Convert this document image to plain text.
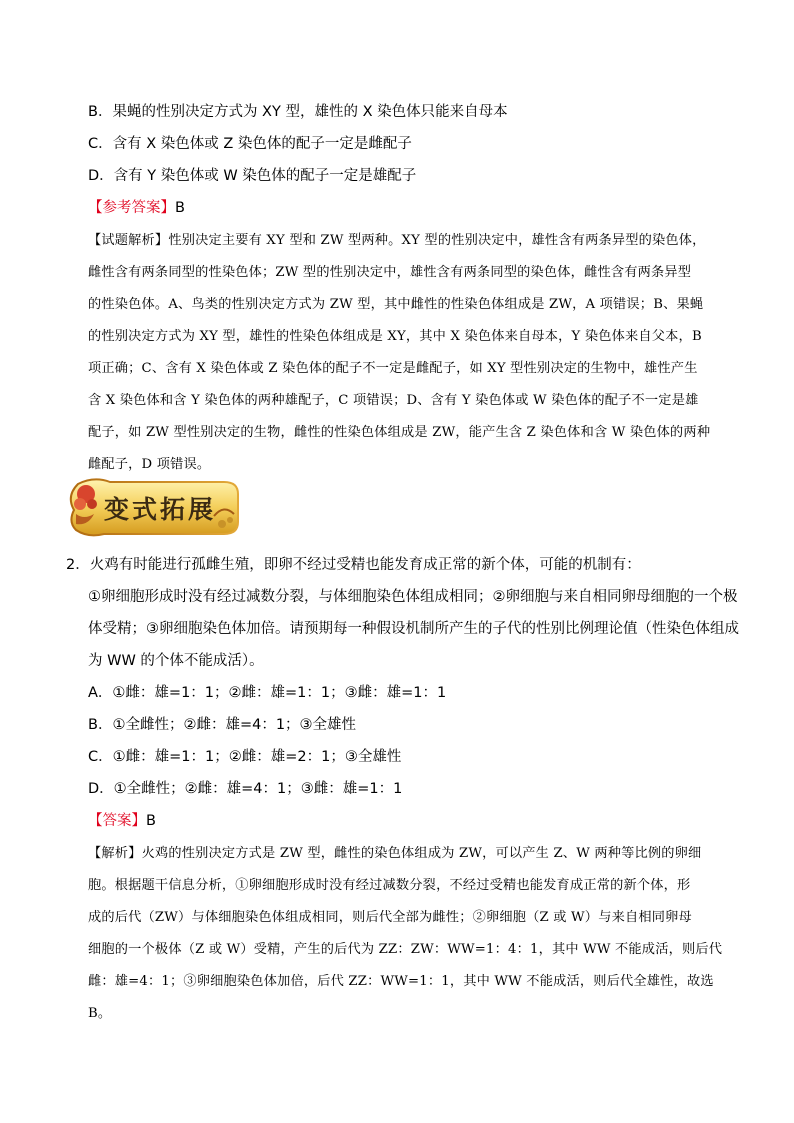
B．果蝇的性别决定方式为 XY 型，雄性的 X 染色体只能来自母本
C．含有 X 染色体或 Z 染色体的配子一定是雌配子
D．含有 Y 染色体或 W 染色体的配子一定是雄配子
【参考答案】B
【试题解析】性别决定主要有 XY 型和 ZW 型两种。XY 型的性别决定中，雄性含有两条异型的染色体，
雌性含有两条同型的性染色体；ZW 型的性别决定中，雄性含有两条同型的染色体，雌性含有两条异型
的性染色体。A、鸟类的性别决定方式为 ZW 型，其中雌性的性染色体组成是 ZW，A 项错误；B、果蝇
的性别决定方式为 XY 型，雄性的性染色体组成是 XY，其中 X 染色体来自母本，Y 染色体来自父本，B
项正确；C、含有 X 染色体或 Z 染色体的配子不一定是雌配子，如 XY 型性别决定的生物中，雄性产生
含 X 染色体和含 Y 染色体的两种雄配子，C 项错误；D、含有 Y 染色体或 W 染色体的配子不一定是雄
配子，如 ZW 型性别决定的生物，雌性的性染色体组成是 ZW，能产生含 Z 染色体和含 W 染色体的两种
雌配子，D 项错误。
变式拓展
2．火鸡有时能进行孤雌生殖，即卵不经过受精也能发育成正常的新个体，可能的机制有：
①卵细胞形成时没有经过减数分裂，与体细胞染色体组成相同；②卵细胞与来自相同卵母细胞的一个极
体受精；③卵细胞染色体加倍。请预期每一种假设机制所产生的子代的性别比例理论值（性染色体组成
为 WW 的个体不能成活）。
A．①雌：雄=1：1；②雌：雄=1：1；③雌：雄=1：1
B．①全雌性；②雌：雄=4：1；③全雄性
C．①雌：雄=1：1；②雌：雄=2：1；③全雄性
D．①全雌性；②雌：雄=4：1；③雌：雄=1：1
【答案】B
【解析】火鸡的性别决定方式是 ZW 型，雌性的染色体组成为 ZW，可以产生 Z、W 两种等比例的卵细
胞。根据题干信息分析，①卵细胞形成时没有经过减数分裂，不经过受精也能发育成正常的新个体，形
成的后代（ZW）与体细胞染色体组成相同，则后代全部为雌性；②卵细胞（Z 或 W）与来自相同卵母
细胞的一个极体（Z 或 W）受精，产生的后代为 ZZ：ZW：WW=1：4：1，其中 WW 不能成活，则后代
雌：雄=4：1；③卵细胞染色体加倍，后代 ZZ：WW=1：1，其中 WW 不能成活，则后代全雄性，故选
B。
